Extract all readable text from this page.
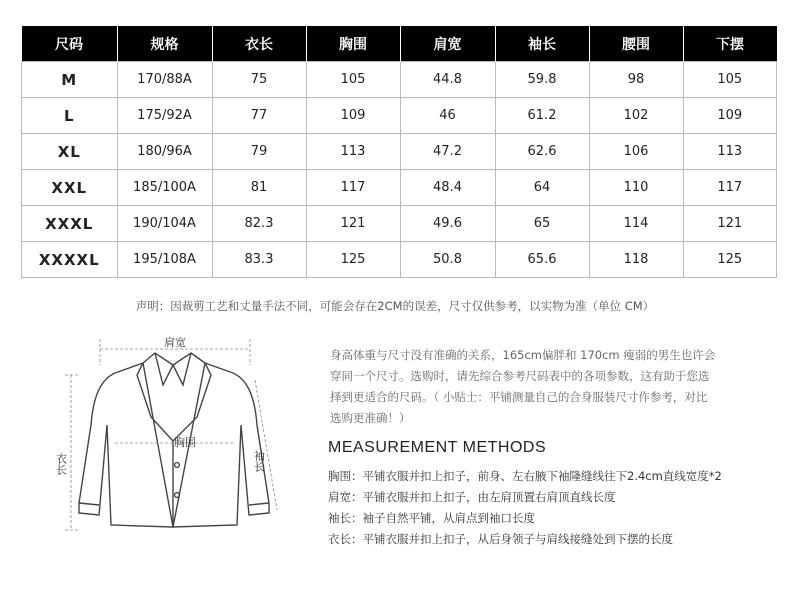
尺码	规格	衣长	胸围	肩宽	袖长	腰围	下摆
M	170/88A	75	105	44.8	59.8	98	105
L	175/92A	77	109	46	61.2	102	109
XL	180/96A	79	113	47.2	62.6	106	113
XXL	185/100A	81	117	48.4	64	110	117
XXXL	190/104A	82.3	121	49.6	65	114	121
XXXXL	195/108A	83.3	125	50.8	65.6	118	125
声明：因裁剪工艺和丈量手法不同，可能会存在2CM的误差，尺寸仅供参考，以实物为准（单位 CM）
肩宽
胸围
衣长	袖长
身高体重与尺寸没有准确的关系，165cm偏胖和 170cm 瘦弱的男生也许会
穿同一个尺寸。选购时，请先综合参考尺码表中的各项参数，这有助于您选
择到更适合的尺码。（ 小贴士：平铺测量自己的合身服装尺寸作参考，对比
选购更准确！）
MEASUREMENT METHODS
胸围：平铺衣服并扣上扣子，前身、左右腋下袖隆缝线往下2.4cm直线宽度*2
肩宽：平铺衣服并扣上扣子，由左肩顶置右肩顶直线长度
袖长：袖子自然平铺，从肩点到袖口长度
衣长：平铺衣服并扣上扣子，从后身领子与肩线接缝处到下摆的长度
